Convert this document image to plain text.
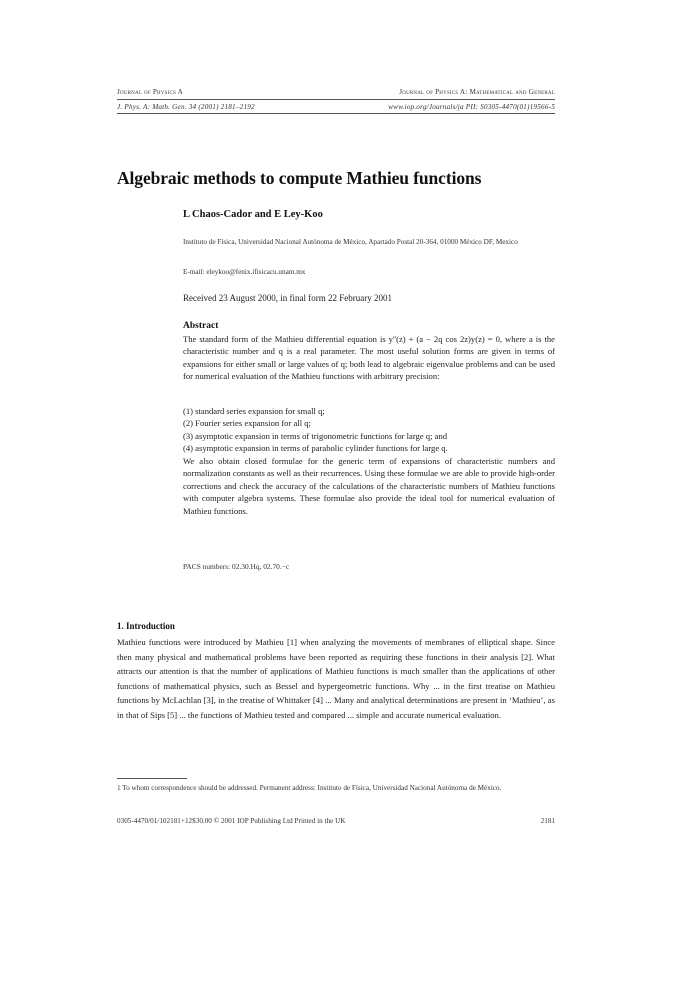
Journal of Physics A	Journal of Physics A: Mathematical and General
J. Phys. A: Math. Gen. 34 (2001) 2181–2192	www.iop.org/Journals/ja PII: S0305-4470(01)19566-5
Algebraic methods to compute Mathieu functions
L Chaos-Cador and E Ley-Koo
Instituto de Física, Universidad Nacional Autónoma de México, Apartado Postal 20-364, 01000 México DF, Mexico
E-mail: eleykoo@fenix.ifisicacu.unam.mx
Received 23 August 2000, in final form 22 February 2001
Abstract
The standard form of the Mathieu differential equation is y''(z) + (a − 2q cos 2z)y(z) = 0, where a is the characteristic number and q is a real parameter. The most useful solution forms are given in terms of expansions for either small or large values of q; both lead to algebraic eigenvalue problems and can be used for numerical evaluation of the Mathieu functions with arbitrary precision:
(1) standard series expansion for small q;
(2) Fourier series expansion for all q;
(3) asymptotic expansion in terms of trigonometric functions for large q; and
(4) asymptotic expansion in terms of parabolic cylinder functions for large q.
We also obtain closed formulae for the generic term of expansions of characteristic numbers and normalization constants as well as their recurrences. Using these formulae we are able to provide high-order corrections and check the accuracy of the calculations of the characteristic numbers of Mathieu functions with computer algebra systems. These formulae also provide the ideal tool for numerical evaluation of Mathieu functions.
PACS numbers: 02.30.Hq, 02.70.−c
1. Introduction
Mathieu functions were introduced by Mathieu [1] when analyzing the movements of membranes of elliptical shape. Since then many physical and mathematical problems have been reported as requiring these functions in their analysis [2]. What attracts our attention is that the number of applications of Mathieu functions is much smaller than the applications of other functions of mathematical physics, such as Bessel and hypergeometric functions. Why ... in the first treatise on Mathieu functions by McLachlan [3], in the treatise of Whittaker [4] ... Many and analytical determinations are present in ‘Mathieu’, as in that of Sips [5] ... the functions of Mathieu tested and compared ... simple and accurate numerical evaluation.
1 To whom correspondence should be addressed. Permanent address: Instituto de Física, Universidad Nacional Autónoma de México.
0305-4470/01/102181+12$30.00 © 2001 IOP Publishing Ltd Printed in the UK	2181
